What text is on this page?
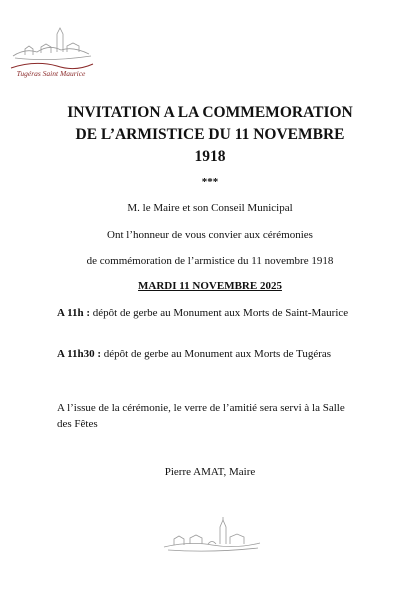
Tugéras Saint Maurice
INVITATION A LA COMMEMORATION
DE L’ARMISTICE DU 11 NOVEMBRE
1918
***
M. le Maire et son Conseil Municipal
Ont l’honneur de vous convier aux cérémonies
de commémoration de l’armistice du 11 novembre 1918
MARDI 11 NOVEMBRE 2025
A 11h : dépôt de gerbe au Monument aux Morts de Saint-Maurice
A 11h30 : dépôt de gerbe au Monument aux Morts de Tugéras
A l’issue de la cérémonie, le verre de l’amitié sera servi à la Salle des Fêtes
Pierre AMAT, Maire
